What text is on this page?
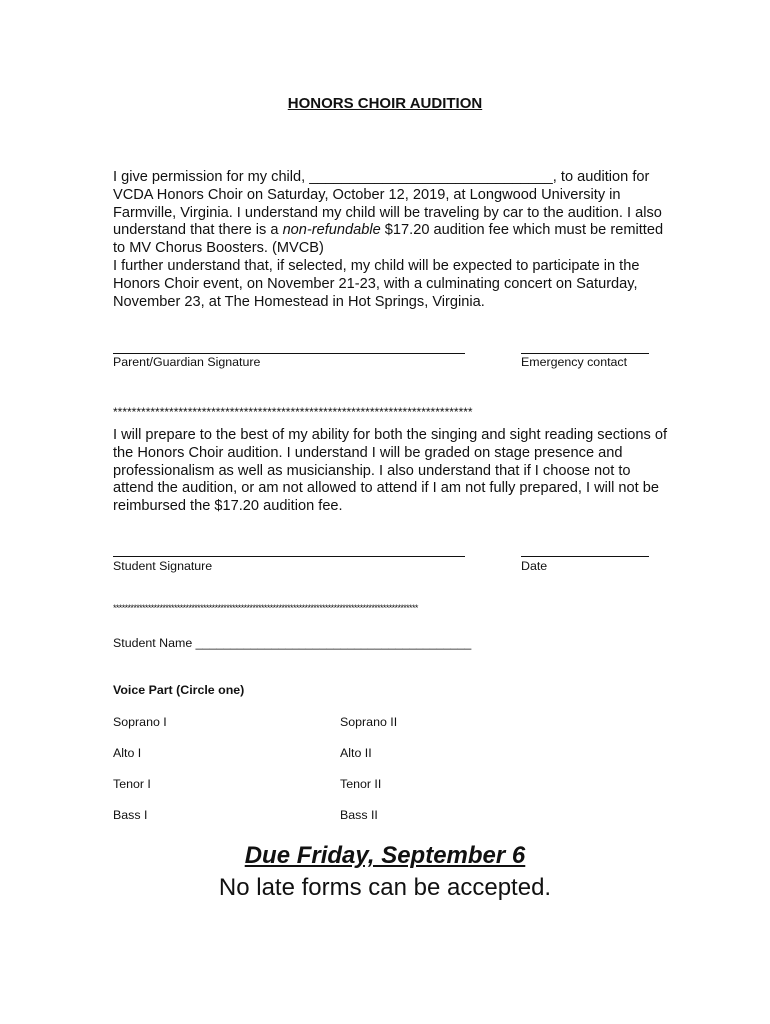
HONORS CHOIR AUDITION

I give permission for my child, ______________________________, to audition for VCDA Honors Choir on Saturday, October 12, 2019, at Longwood University in Farmville, Virginia. I understand my child will be traveling by car to the audition. I also understand that there is a non-refundable $17.20 audition fee which must be remitted to MV Chorus Boosters. (MVCB)

I further understand that, if selected, my child will be expected to participate in the Honors Choir event, on November 21-23, with a culminating concert on Saturday, November 23, at The Homestead in Hot Springs, Virginia.

Parent/Guardian Signature	Emergency contact
*****************************************************************************
I will prepare to the best of my ability for both the singing and sight reading sections of the Honors Choir audition. I understand I will be graded on stage presence and professionalism as well as musicianship. I also understand that if I choose not to attend the audition, or am not allowed to attend if I am not fully prepared, I will not be reimbursed the $17.20 audition fee.
Student Signature	Date
*********************************************************************************************************
Student Name ________________________________________
Voice Part (Circle one)
Soprano I	Soprano II
Alto I	Alto II
Tenor I	Tenor II
Bass I	Bass II
Due Friday, September 6
No late forms can be accepted.
